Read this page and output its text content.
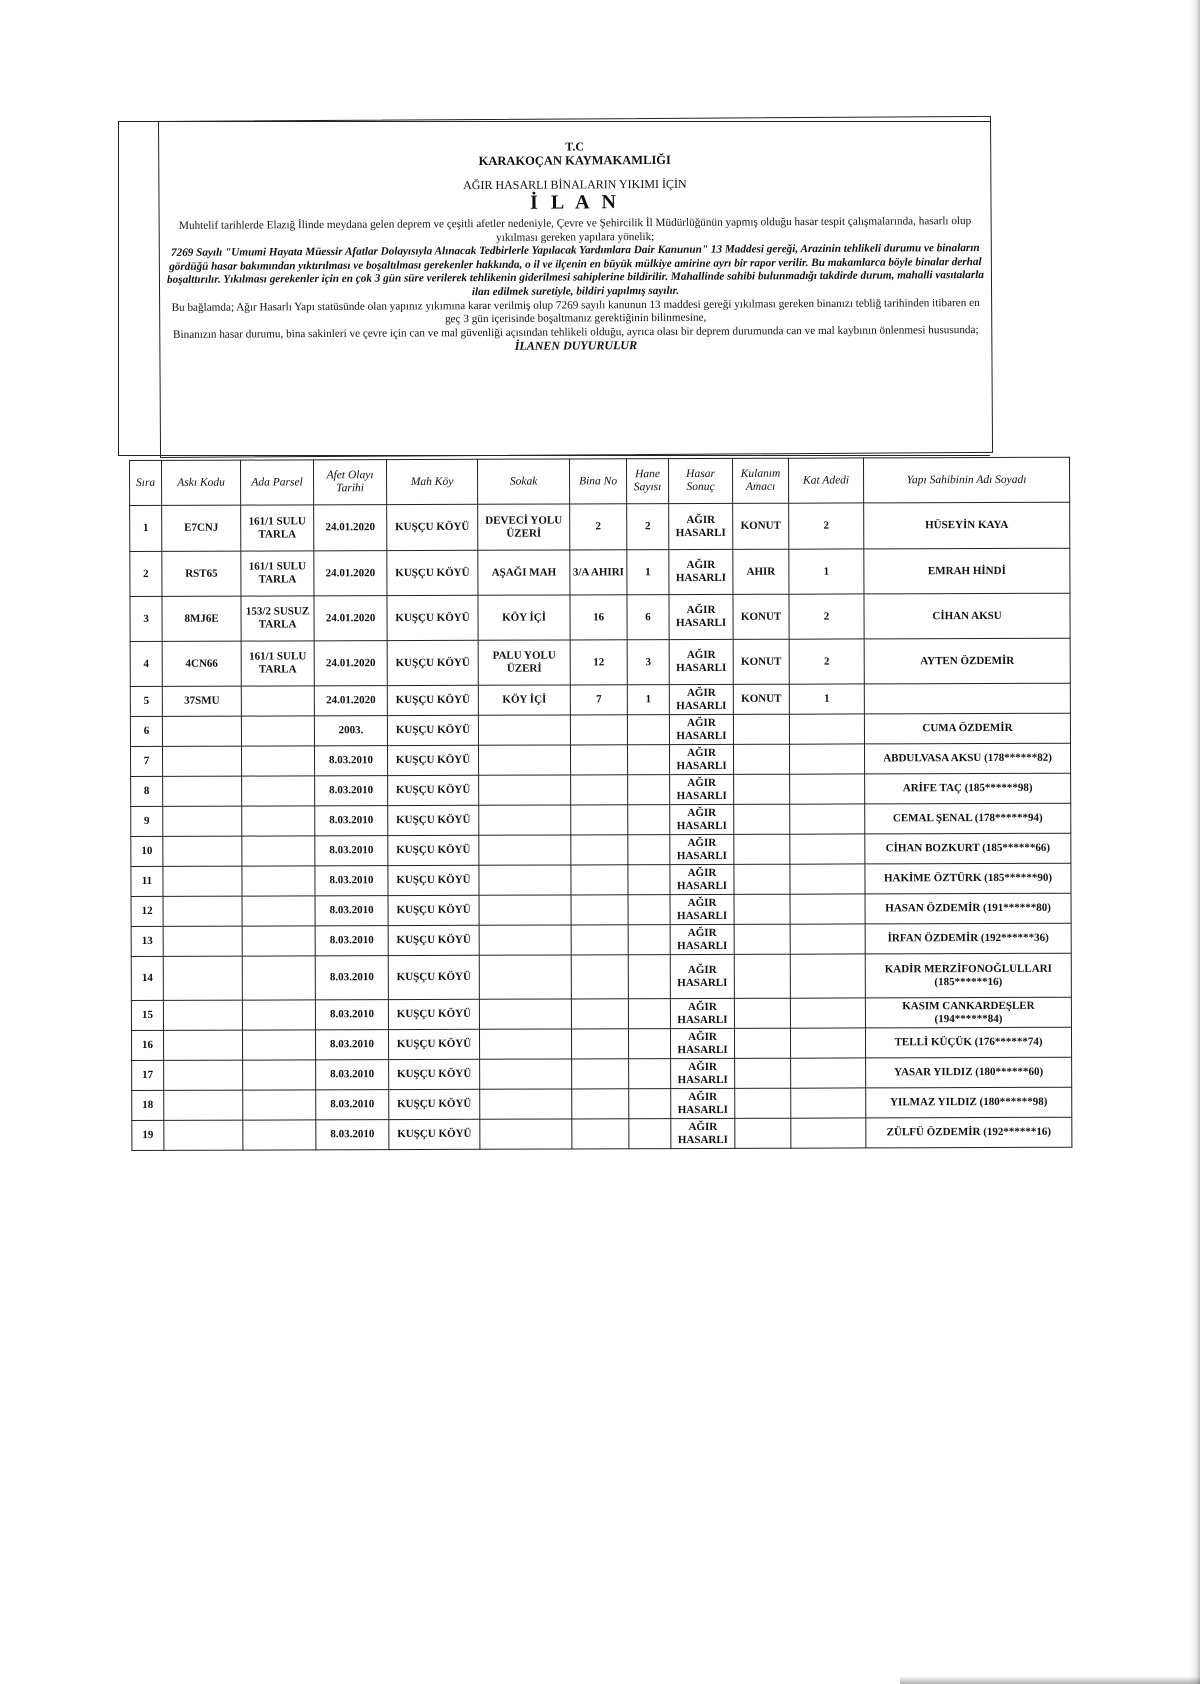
T.C
KARAKOÇAN KAYMAKAMLIĞI
AĞIR HASARLI BİNALARIN YIKIMI İÇİN
İ L A N
Muhtelif tarihlerde Elazığ İlinde meydana gelen deprem ve çeşitli afetler nedeniyle, Çevre ve Şehircilik İl Müdürlüğünün yapmış olduğu hasar tespit çalışmalarında, hasarlı olup yıkılması gereken yapılara yönelik;
7269 Sayılı "Umumi Hayata Müessir Afatlar Dolayısıyla Alınacak Tedbirlerle Yapılacak Yardımlara Dair Kanunun" 13 Maddesi gereği, Arazinin tehlikeli durumu ve binaların gördüğü hasar bakımından yıktırılması ve boşaltılması gerekenler hakkında, o il ve ilçenin en büyük mülkiye amirine ayrı bir rapor verilir. Bu makamlarca böyle binalar derhal boşalttırılır. Yıkılması gerekenler için en çok 3 gün süre verilerek tehlikenin giderilmesi sahiplerine bildirilir. Mahallinde sahibi bulunmadığı takdirde durum, mahalli vasıtalarla ilan edilmek suretiyle, bildiri yapılmış sayılır.
Bu bağlamda; Ağır Hasarlı Yapı statüsünde olan yapınız yıkımına karar verilmiş olup 7269 sayılı kanunun 13 maddesi gereği yıkılması gereken binanızı tebliğ tarihinden itibaren en geç 3 gün içerisinde boşaltmanız gerektiğinin bilinmesine,
Binanızın hasar durumu, bina sakinleri ve çevre için can ve mal güvenliği açısından tehlikeli olduğu, ayrıca olası bir deprem durumunda can ve mal kaybının önlenmesi hususunda;
İLANEN DUYURULUR
Sıra	Askı Kodu	Ada Parsel	Afet Olayı Tarihi	Mah Köy	Sokak	Bina No	Hane Sayısı	Hasar Sonuç	Kulanım Amacı	Kat Adedi	Yapı Sahibinin Adı Soyadı
1	E7CNJ	161/1 SULU TARLA	24.01.2020	KUŞÇU KÖYÜ	DEVECİ YOLU ÜZERİ	2	2	AĞIR HASARLI	KONUT	2	HÜSEYİN KAYA
2	RST65	161/1 SULU TARLA	24.01.2020	KUŞÇU KÖYÜ	AŞAĞI MAH	3/A AHIRI	1	AĞIR HASARLI	AHIR	1	EMRAH HİNDİ
3	8MJ6E	153/2 SUSUZ TARLA	24.01.2020	KUŞÇU KÖYÜ	KÖY İÇİ	16	6	AĞIR HASARLI	KONUT	2	CİHAN AKSU
4	4CN66	161/1 SULU TARLA	24.01.2020	KUŞÇU KÖYÜ	PALU YOLU ÜZERİ	12	3	AĞIR HASARLI	KONUT	2	AYTEN ÖZDEMİR
5	37SMU		24.01.2020	KUŞÇU KÖYÜ	KÖY İÇİ	7	1	AĞIR HASARLI	KONUT	1	
6			2003.	KUŞÇU KÖYÜ				AĞIR HASARLI			CUMA ÖZDEMİR
7			8.03.2010	KUŞÇU KÖYÜ				AĞIR HASARLI			ABDULVASA AKSU (178******82)
8			8.03.2010	KUŞÇU KÖYÜ				AĞIR HASARLI			ARİFE TAÇ (185******98)
9			8.03.2010	KUŞÇU KÖYÜ				AĞIR HASARLI			CEMAL ŞENAL (178******94)
10			8.03.2010	KUŞÇU KÖYÜ				AĞIR HASARLI			CİHAN BOZKURT (185******66)
11			8.03.2010	KUŞÇU KÖYÜ				AĞIR HASARLI			HAKİME ÖZTÜRK (185******90)
12			8.03.2010	KUŞÇU KÖYÜ				AĞIR HASARLI			HASAN ÖZDEMİR (191******80)
13			8.03.2010	KUŞÇU KÖYÜ				AĞIR HASARLI			İRFAN ÖZDEMİR (192******36)
14			8.03.2010	KUŞÇU KÖYÜ				AĞIR HASARLI			KADİR MERZİFONOĞLULLARI (185******16)
15			8.03.2010	KUŞÇU KÖYÜ				AĞIR HASARLI			KASIM CANKARDEŞLER (194******84)
16			8.03.2010	KUŞÇU KÖYÜ				AĞIR HASARLI			TELLİ KÜÇÜK (176******74)
17			8.03.2010	KUŞÇU KÖYÜ				AĞIR HASARLI			YASAR YILDIZ (180******60)
18			8.03.2010	KUŞÇU KÖYÜ				AĞIR HASARLI			YILMAZ YILDIZ (180******98)
19			8.03.2010	KUŞÇU KÖYÜ				AĞIR HASARLI			ZÜLFÜ ÖZDEMİR (192******16)
